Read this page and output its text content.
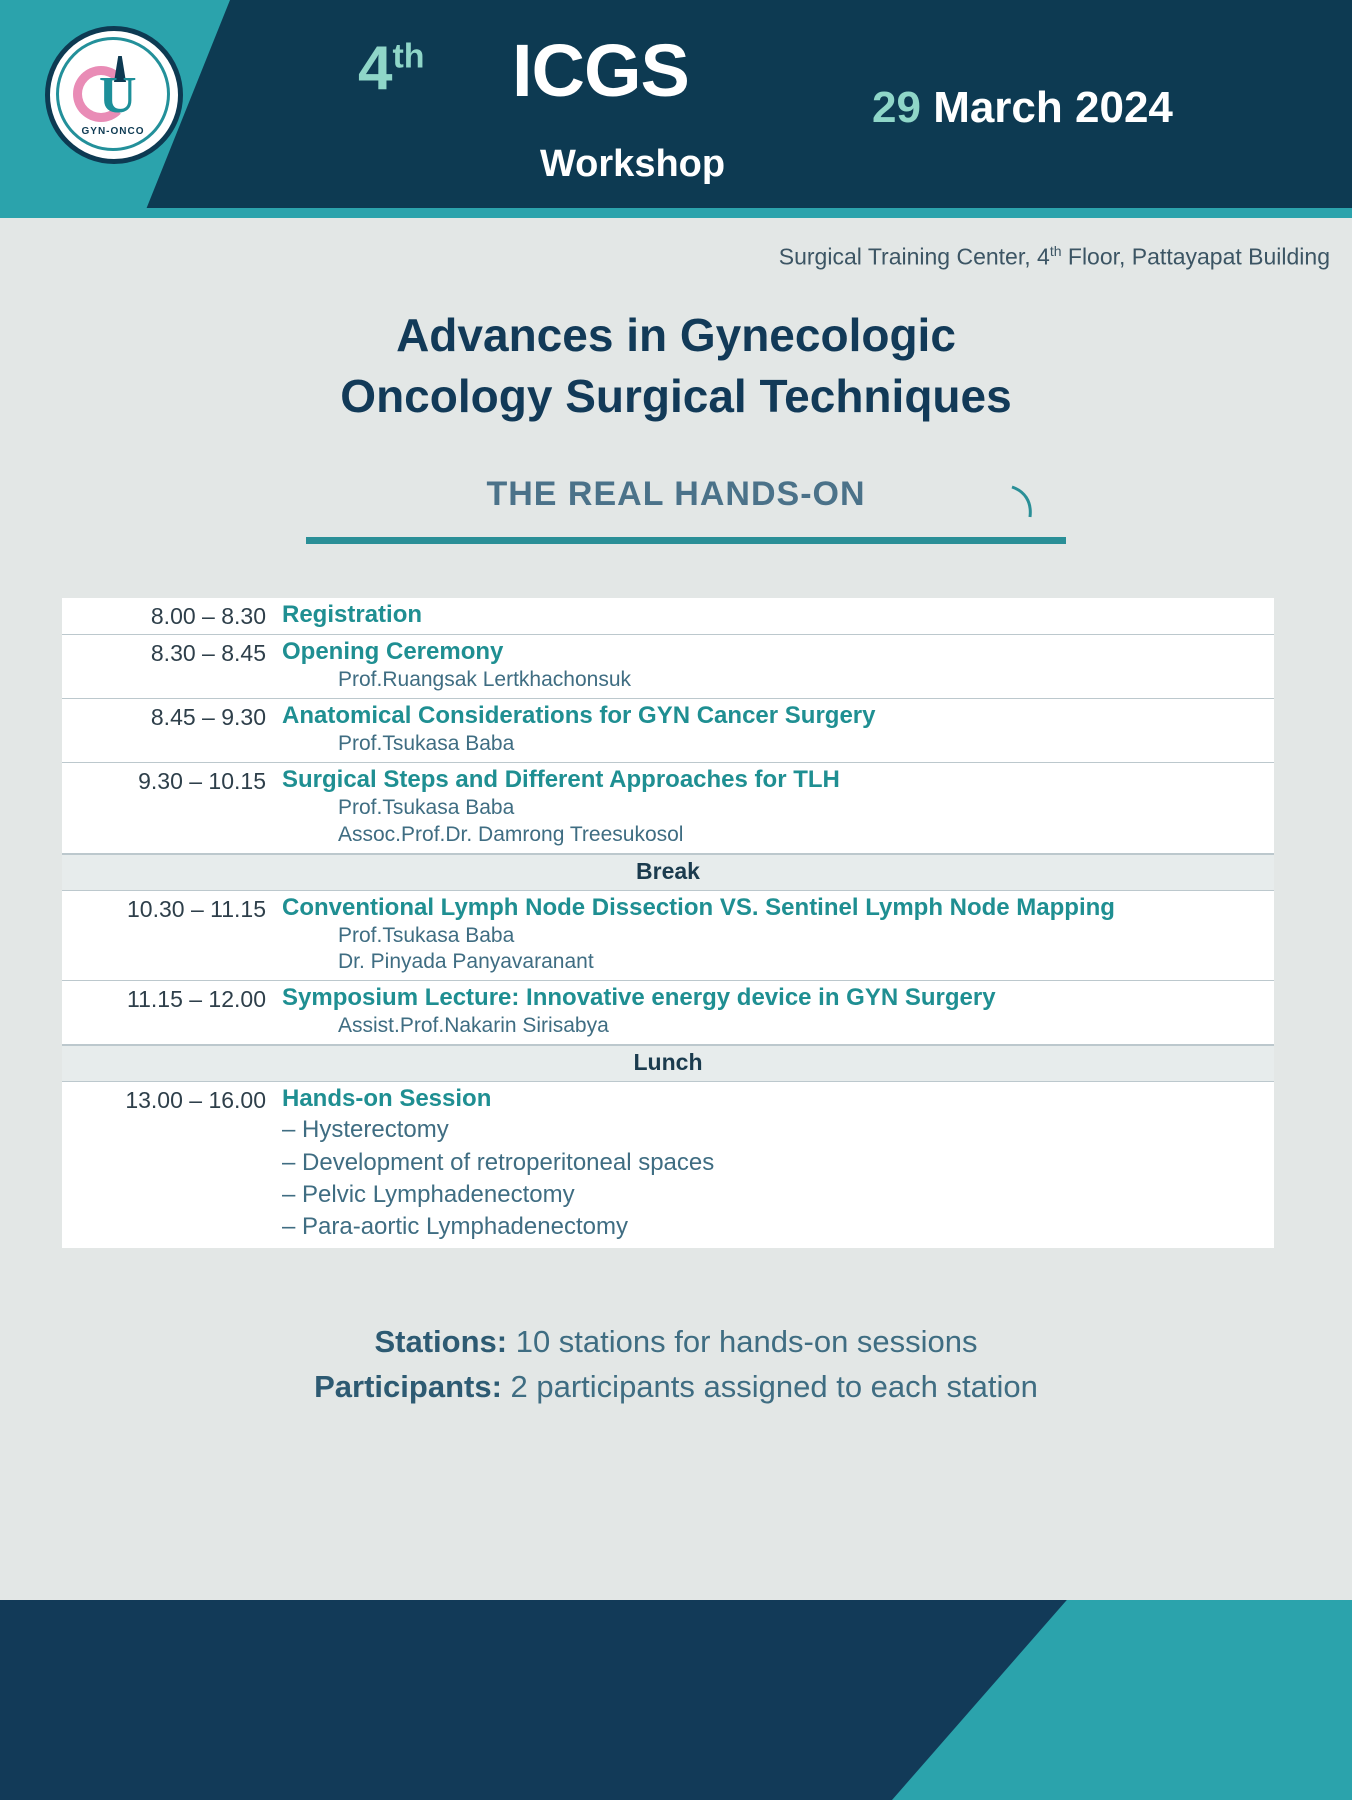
U
GYN-ONCO
4th ICGS
Workshop
29 March 2024
Surgical Training Center, 4th Floor, Pattayapat Building
Advances in Gynecologic
Oncology Surgical Techniques
THE REAL HANDS-ON
8.00 – 8.30 Registration
8.30 – 8.45 Opening Ceremony
Prof.Ruangsak Lertkhachonsuk
8.45 – 9.30 Anatomical Considerations for GYN Cancer Surgery
Prof.Tsukasa Baba
9.30 – 10.15 Surgical Steps and Different Approaches for TLH
Prof.Tsukasa Baba
Assoc.Prof.Dr. Damrong Treesukosol
Break
10.30 – 11.15 Conventional Lymph Node Dissection VS. Sentinel Lymph Node Mapping
Prof.Tsukasa Baba
Dr. Pinyada Panyavaranant
11.15 – 12.00 Symposium Lecture: Innovative energy device in GYN Surgery
Assist.Prof.Nakarin Sirisabya
Lunch
13.00 – 16.00 Hands-on Session
– Hysterectomy
– Development of retroperitoneal spaces
– Pelvic Lymphadenectomy
– Para-aortic Lymphadenectomy
Stations: 10 stations for hands-on sessions
Participants: 2 participants assigned to each station
